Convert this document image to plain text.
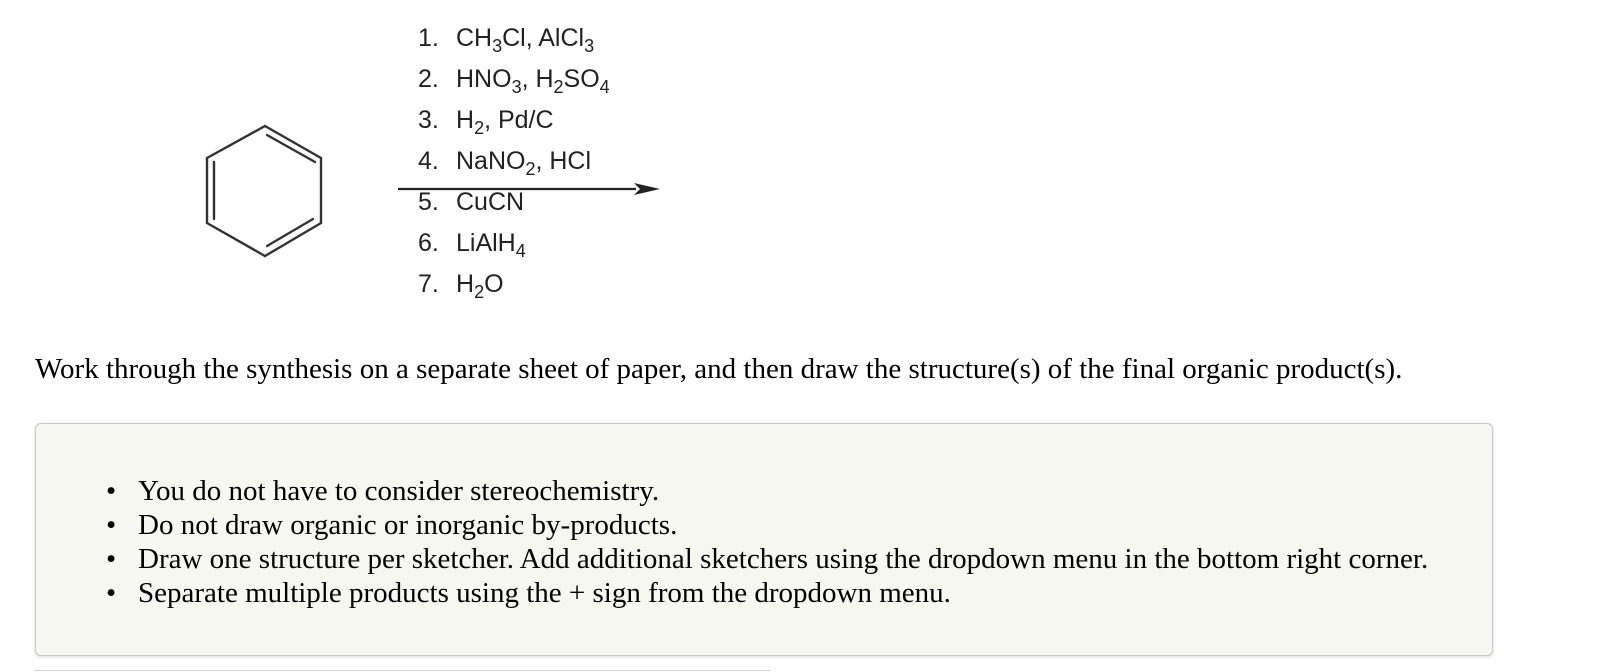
1. $CH_3Cl$, AlCl$_3$
2. $HNO_3$, $H_2SO_4$
3. $H_2$, Pd/C
4. NaNO$_2$, HCl
5. CuCN
6. LiAlH$_4$
7. $H_2O$
Work through the synthesis on a separate sheet of paper, and then draw the structure(s) of the final organic product(s).
• You do not have to consider stereochemistry.
• Do not draw organic or inorganic by-products.
• Draw one structure per sketcher. Add additional sketchers using the dropdown menu in the bottom right corner.
• Separate multiple products using the + sign from the dropdown menu.
